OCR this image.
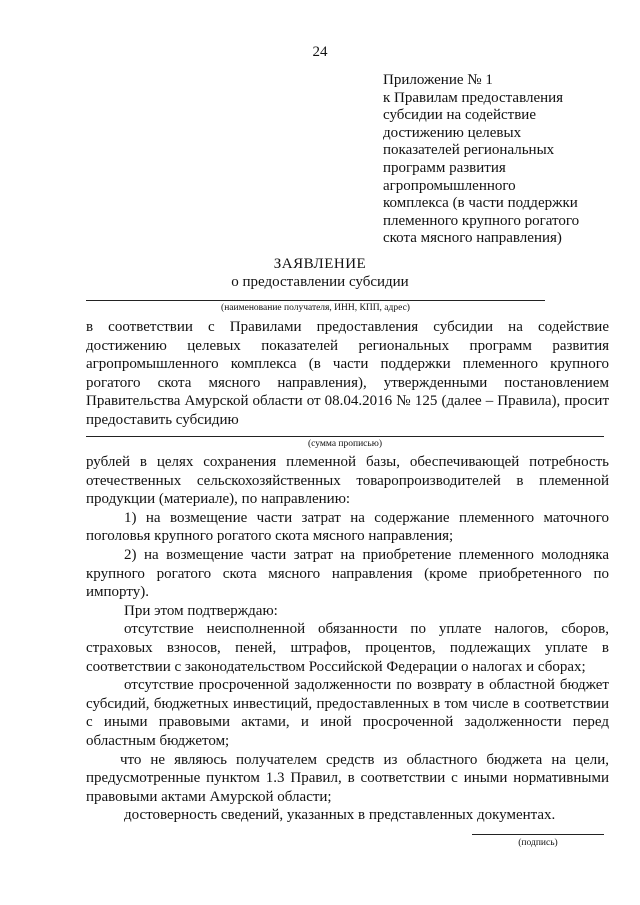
24
Приложение № 1
к Правилам предоставления
субсидии на содействие
достижению целевых
показателей региональных
программ развития
агропромышленного
комплекса (в части поддержки
племенного крупного рогатого
скота мясного направления)
ЗАЯВЛЕНИЕ
о предоставлении субсидии
(наименование получателя, ИНН, КПП, адрес)

в соответствии с Правилами предоставления субсидии на содействие достижению целевых показателей региональных программ развития агропромышленного комплекса (в части поддержки племенного крупного рогатого скота мясного направления), утвержденными постановлением Правительства Амурской области от 08.04.2016 № 125 (далее – Правила), просит предоставить субсидию

(сумма прописью)

рублей в целях сохранения племенной базы, обеспечивающей потребность отечественных сельскохозяйственных товаропроизводителей в племенной продукции (материале), по направлению:

1) на возмещение части затрат на содержание племенного маточного поголовья крупного рогатого скота мясного направления;

2) на возмещение части затрат на приобретение племенного молодняка крупного рогатого скота мясного направления (кроме приобретенного по импорту).

При этом подтверждаю:

отсутствие неисполненной обязанности по уплате налогов, сборов, страховых взносов, пеней, штрафов, процентов, подлежащих уплате в соответствии с законодательством Российской Федерации о налогах и сборах;

отсутствие просроченной задолженности по возврату в областной бюджет субсидий, бюджетных инвестиций, предоставленных в том числе в соответствии с иными правовыми актами, и иной просроченной задолженности перед областным бюджетом;

что не являюсь получателем средств из областного бюджета на цели, предусмотренные пунктом 1.3 Правил, в соответствии с иными нормативными правовыми актами Амурской области;

достоверность сведений, указанных в представленных документах.

(подпись)
